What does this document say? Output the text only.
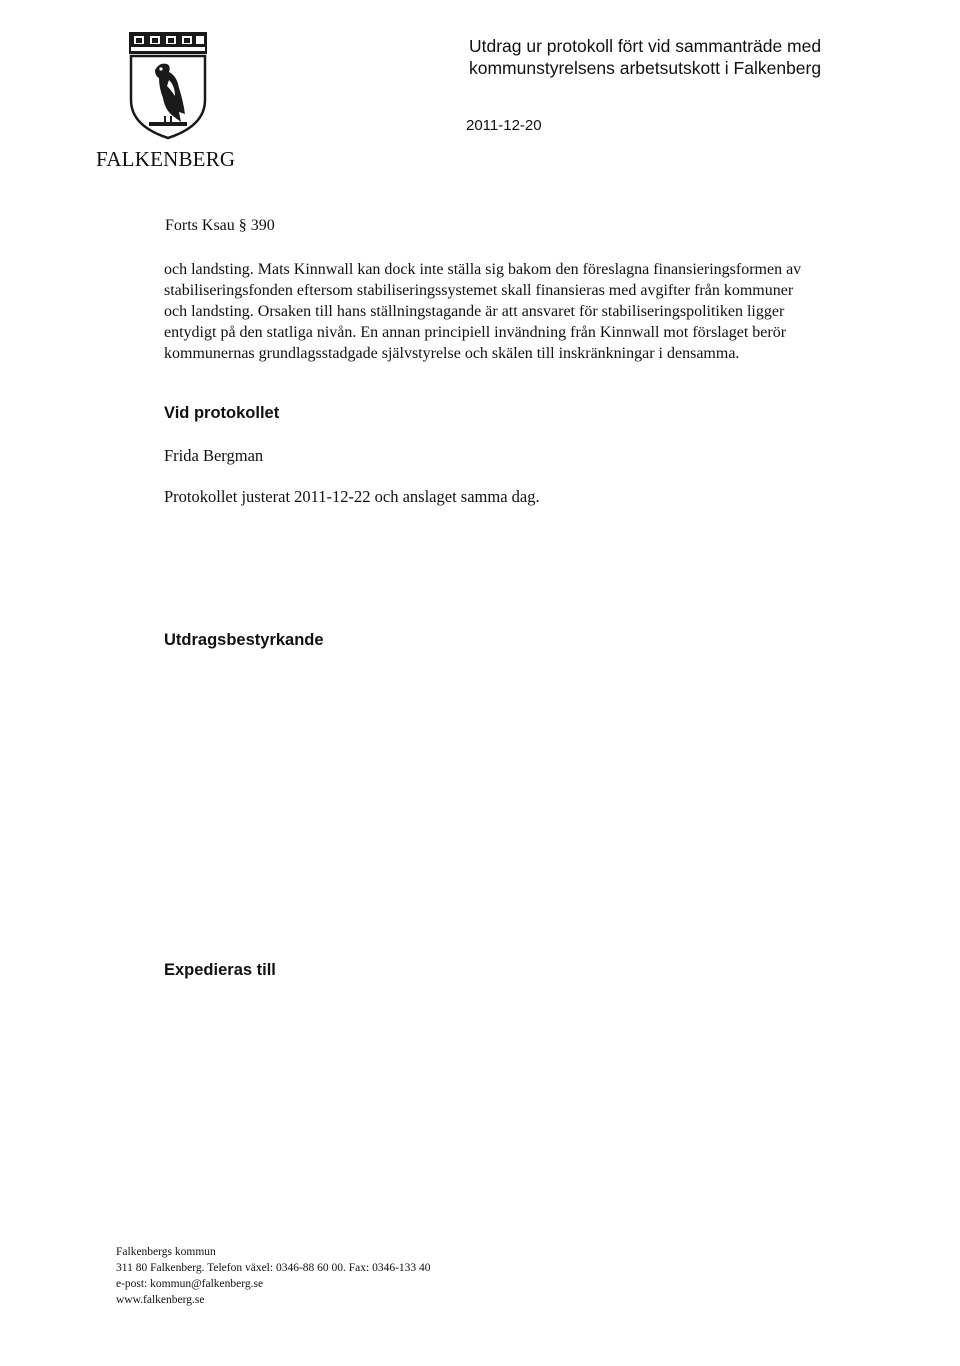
FALKENBERG
Utdrag ur protokoll fört vid sammanträde med
kommunstyrelsens arbetsutskott i Falkenberg
2011-12-20
Forts Ksau § 390
och landsting. Mats Kinnwall kan dock inte ställa sig bakom den föreslagna finansieringsformen av
stabiliseringsfonden eftersom stabiliseringssystemet skall finansieras med avgifter från kommuner
och landsting. Orsaken till hans ställningstagande är att ansvaret för stabiliseringspolitiken ligger
entydigt på den statliga nivån. En annan principiell invändning från Kinnwall mot förslaget berör
kommunernas grundlagsstadgade självstyrelse och skälen till inskränkningar i densamma.
Vid protokollet
Frida Bergman
Protokollet justerat 2011-12-22 och anslaget samma dag.
Utdragsbestyrkande
Expedieras till
Falkenbergs kommun
311 80 Falkenberg. Telefon växel: 0346-88 60 00. Fax: 0346-133 40
e-post: kommun@falkenberg.se
www.falkenberg.se
